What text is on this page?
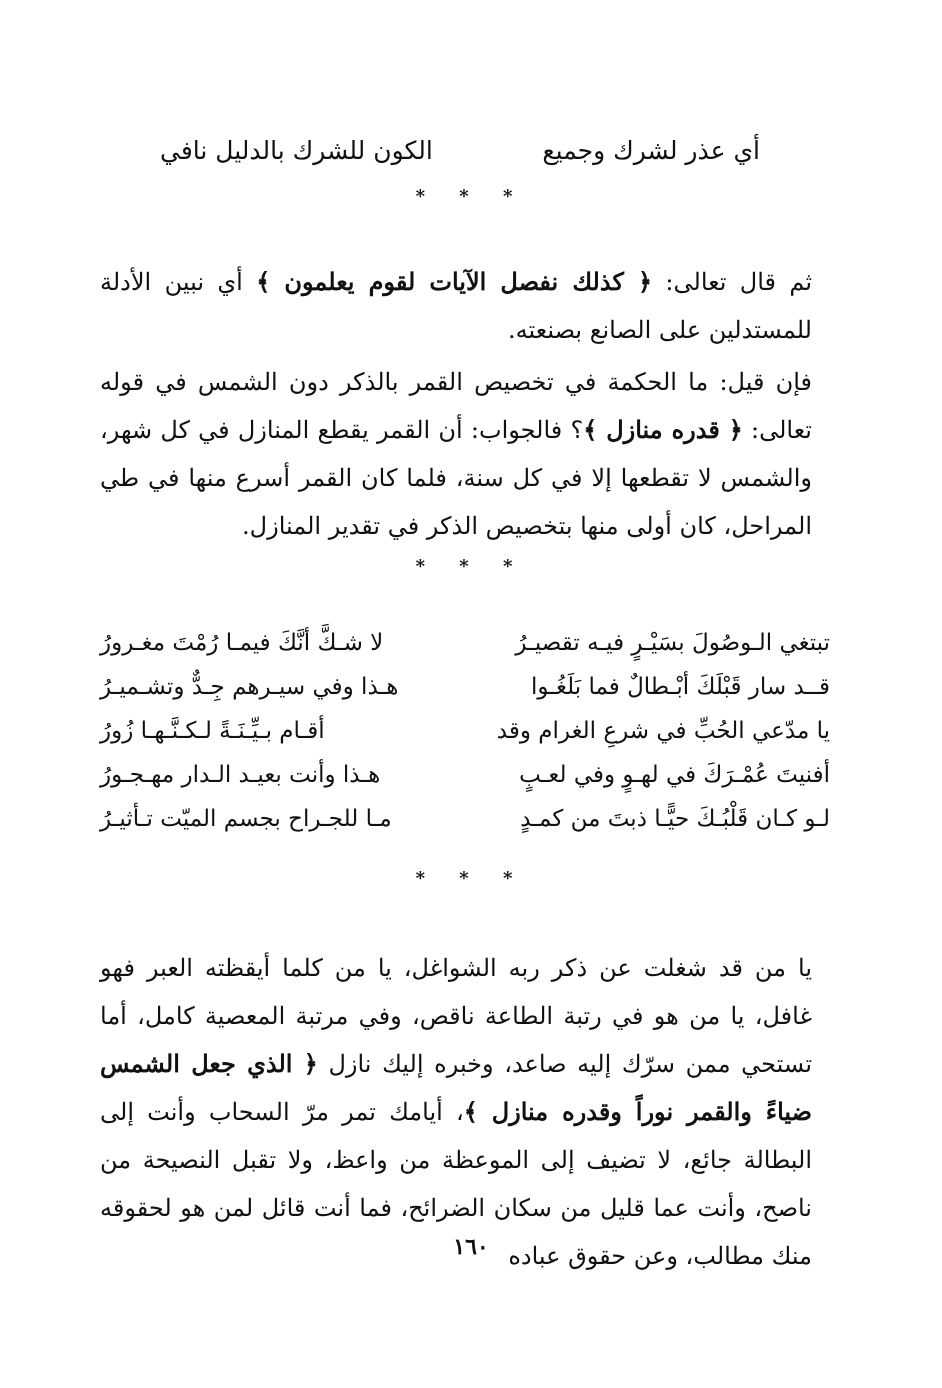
أي عذر لشرك وجميع
الكون للشرك بالدليل نافي
* * *

ثم قال تعالى: ﴿ كذلك نفصل الآيات لقوم يعلمون ﴾ أي نبين الأدلة للمستدلين على الصانع بصنعته.

فإن قيل: ما الحكمة في تخصيص القمر بالذكر دون الشمس في قوله تعالى: ﴿ قدره منازل ﴾؟ فالجواب: أن القمر يقطع المنازل في كل شهر، والشمس لا تقطعها إلا في كل سنة، فلما كان القمر أسرع منها في طي المراحل، كان أولى منها بتخصيص الذكر في تقدير المنازل.

* * *
تبتغي الـوصُولَ بسَيْـرٍ فيـه تقصيـرُ
لا شـكَّ أنَّكَ فيمـا رُمْتَ مغـرورُ
قــد سار قَبْلَكَ أبْـطالٌ فما بَلَغُـوا
هـذا وفي سيـرهم جِـدٌّ وتشـميـرُ
يا مدّعي الحُبِّ في شرعِ الغرام وقد
أقـام بـيِّـنَـةً لـكـنَّـهـا زُورُ
أفنيتَ عُمْـرَكَ في لهـوٍ وفي لعـبٍ
هـذا وأنت بعيـد الـدار مهـجـورُ
لـو كـان قَلْبُـكَ حيًّـا ذبتَ من كمـدٍ
مـا للجـراح بجسم الميّت تـأثيـرُ
* * *

يا من قد شغلت عن ذكر ربه الشواغل، يا من كلما أيقظته العبر فهو غافل، يا من هو في رتبة الطاعة ناقص، وفي مرتبة المعصية كامل، أما تستحي ممن سرّك إليه صاعد، وخبره إليك نازل ﴿ الذي جعل الشمس ضياءً والقمر نوراً وقدره منازل ﴾، أيامك تمر مرّ السحاب وأنت إلى البطالة جائع، لا تضيف إلى الموعظة من واعظ، ولا تقبل النصيحة من ناصح، وأنت عما قليل من سكان الضرائح، فما أنت قائل لمن هو لحقوقه منك مطالب، وعن حقوق عباده

١٦٠
